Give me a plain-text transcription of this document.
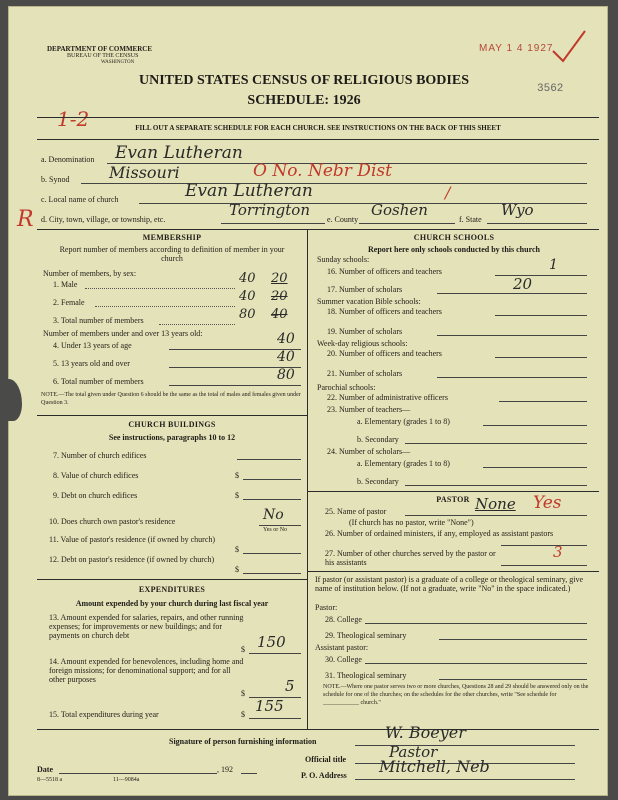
DEPARTMENT OF COMMERCE
BUREAU OF THE CENSUS
WASHINGTON
MAY 1 4 1927
3562
UNITED STATES CENSUS OF RELIGIOUS BODIES
SCHEDULE: 1926
1-2	FILL OUT A SEPARATE SCHEDULE FOR EACH CHURCH. SEE INSTRUCTIONS ON THE BACK OF THIS SHEET
R
a. Denomination Evan Lutheran
b. Synod Missouri	O No. Nebr Dist
c. Local name of church	Evan Lutheran	/
d. City, town, village, or township, etc.
Torrington
e. County
Goshen
f. State
Wyo
MEMBERSHIP
Report number of members according to definition of member in your church
Number of members, by sex:
1. Male	40 20
2. Female	40 20
3. Total number of members	80 40
Number of members under and over 13 years old:
4. Under 13 years of age	40
5. 13 years old and over	40
6. Total number of members	80
NOTE.—The total given under Question 6 should be the same as the total of males and females given under Question 3.
CHURCH BUILDINGS
See instructions, paragraphs 10 to 12
7. Number of church edifices
8. Value of church edifices	$
9. Debt on church edifices	$
10. Does church own pastor's residence	No
Yes or No
11. Value of pastor's residence (if owned by church)
$
12. Debt on pastor's residence (if owned by church)
$
EXPENDITURES
Amount expended by your church during last fiscal year
13. Amount expended for salaries, repairs, and other running expenses; for improvements or new buildings; and for payments on church debt
$ 150
14. Amount expended for benevolences, including home and foreign missions; for denominational support; and for all other purposes
$	5
15. Total expenditures during year	$ 155
CHURCH SCHOOLS
Report here only schools conducted by this church
Sunday schools:
16. Number of officers and teachers	1
17. Number of scholars	20
Summer vacation Bible schools:
18. Number of officers and teachers
19. Number of scholars
Week-day religious schools:
20. Number of officers and teachers
21. Number of scholars
Parochial schools:
22. Number of administrative officers
23. Number of teachers—
a. Elementary (grades 1 to 8)
b. Secondary
24. Number of scholars—
a. Elementary (grades 1 to 8)
b. Secondary
PASTOR
25. Name of pastor	None Yes
(If church has no pastor, write "None")
26. Number of ordained ministers, if any, employed as assistant pastors
27. Number of other churches served by the pastor or his assistants
3
If pastor (or assistant pastor) is a graduate of a college or theological seminary, give name of institution below. (If not a graduate, write "No" in the space indicated.)
Pastor:
28. College
29. Theological seminary
Assistant pastor:
30. College
31. Theological seminary
NOTE.—Where one pastor serves two or more churches, Questions 28 and 29 should be answered only on the schedule for one of the churches; on the schedules for the other churches, write "See schedule for ____________ church."
Signature of person furnishing information	W. Boeyer
Official title	Pastor
Date	, 192
P. O. Address Mitchell, Neb
8—5518 a	11—9084a
